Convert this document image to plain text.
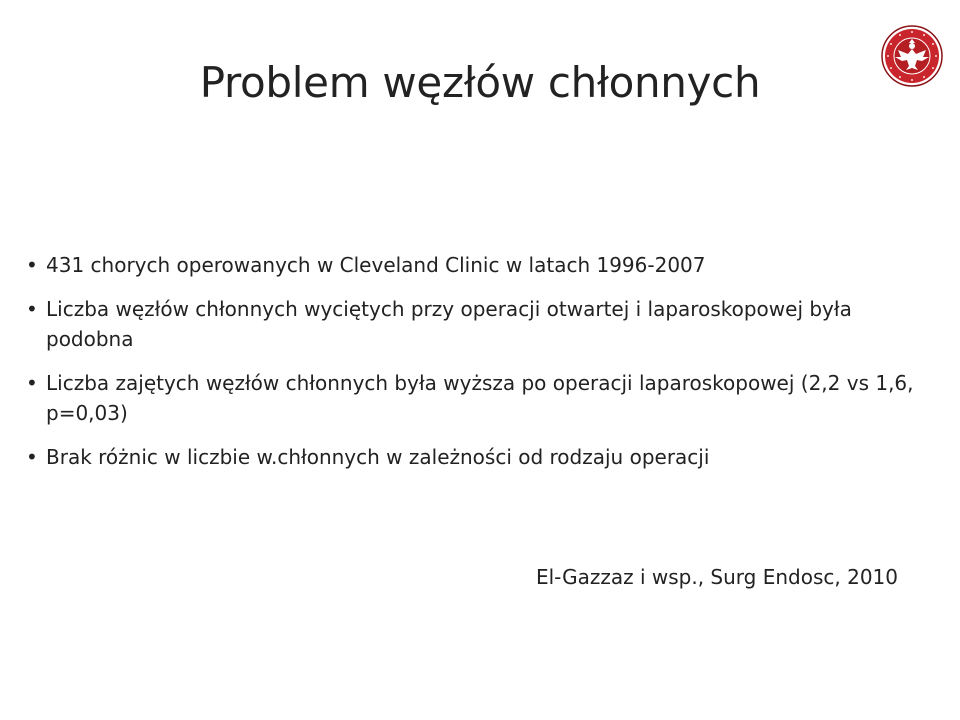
Problem węzłów chłonnych
• 431 chorych operowanych w Cleveland Clinic w latach 1996-2007
• Liczba węzłów chłonnych wyciętych przy operacji otwartej i laparoskopowej była podobna
• Liczba zajętych węzłów chłonnych była wyższa po operacji laparoskopowej (2,2 vs 1,6, p=0,03)
• Brak różnic w liczbie w.chłonnych w zależności od rodzaju operacji

El-Gazzaz i wsp., Surg Endosc, 2010
